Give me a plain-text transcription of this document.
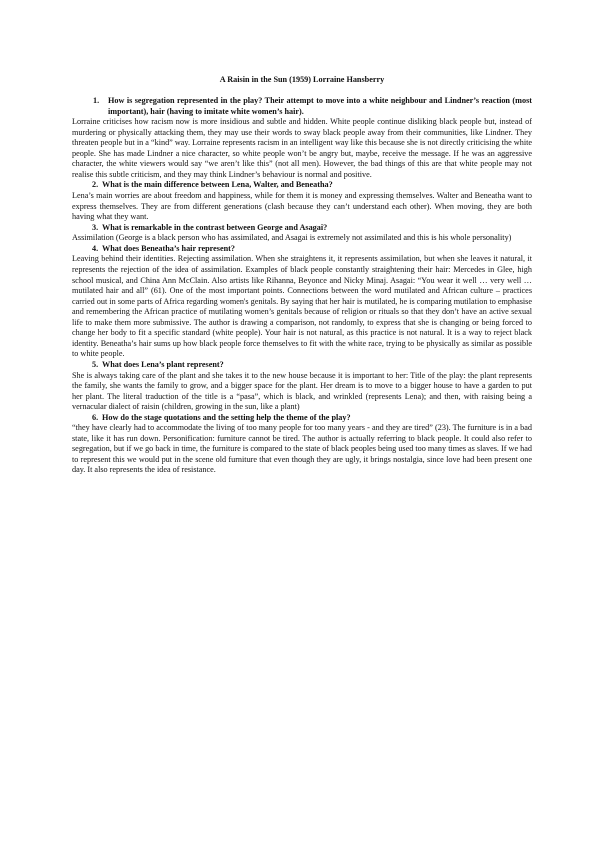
A Raisin in the Sun (1959) Lorraine Hansberry
1.	How is segregation represented in the play? Their attempt to move into a white neighbour and Lindner’s reaction (most important), hair (having to imitate white women’s hair).

Lorraine criticises how racism now is more insidious and subtle and hidden. White people continue disliking black people but, instead of murdering or physically attacking them, they may use their words to sway black people away from their communities, like Lindner. They threaten people but in a “kind” way. Lorraine represents racism in an intelligent way like this because she is not directly criticising the white people. She has made Lindner a nice character, so white people won’t be angry but, maybe, receive the message. If he was an aggressive character, the white viewers would say “we aren’t like this” (not all men). However, the bad things of this are that white people may not realise this subtle criticism, and they may think Lindner’s behaviour is normal and positive.

2. What is the main difference between Lena, Walter, and Beneatha?

Lena’s main worries are about freedom and happiness, while for them it is money and expressing themselves. Walter and Beneatha want to express themselves. They are from different generations (clash because they can’t understand each other). When moving, they are both having what they want.

3. What is remarkable in the contrast between George and Asagai?

Assimilation (George is a black person who has assimilated, and Asagai is extremely not assimilated and this is his whole personality)

4. What does Beneatha’s hair represent?

Leaving behind their identities. Rejecting assimilation. When she straightens it, it represents assimilation, but when she leaves it natural, it represents the rejection of the idea of assimilation. Examples of black people constantly straightening their hair: Mercedes in Glee, high school musical, and China Ann McClain. Also artists like Rihanna, Beyonce and Nicky Minaj. Asagai: “You wear it well … very well … mutilated hair and all” (61). One of the most important points. Connections between the word mutilated and African culture – practices carried out in some parts of Africa regarding women's genitals. By saying that her hair is mutilated, he is comparing mutilation to emphasise and remembering the African practice of mutilating women’s genitals because of religion or rituals so that they don’t have an active sexual life to make them more submissive. The author is drawing a comparison, not randomly, to express that she is changing or being forced to change her body to fit a specific standard (white people). Your hair is not natural, as this practice is not natural. It is a way to reject black identity. Beneatha’s hair sums up how black people force themselves to fit with the white race, trying to be physically as similar as possible to white people.

5. What does Lena’s plant represent?

She is always taking care of the plant and she takes it to the new house because it is important to her: Title of the play: the plant represents the family, she wants the family to grow, and a bigger space for the plant. Her dream is to move to a bigger house to have a garden to put her plant. The literal traduction of the title is a “pasa”, which is black, and wrinkled (represents Lena); and then, with raising being a vernacular dialect of raisin (children, growing in the sun, like a plant)

6. How do the stage quotations and the setting help the theme of the play?

“they have clearly had to accommodate the living of too many people for too many years - and they are tired” (23). The furniture is in a bad state, like it has run down. Personification: furniture cannot be tired. The author is actually referring to black people. It could also refer to segregation, but if we go back in time, the furniture is compared to the state of black peoples being used too many times as slaves. If we had to represent this we would put in the scene old furniture that even though they are ugly, it brings nostalgia, since love had been present one day. It also represents the idea of resistance.
